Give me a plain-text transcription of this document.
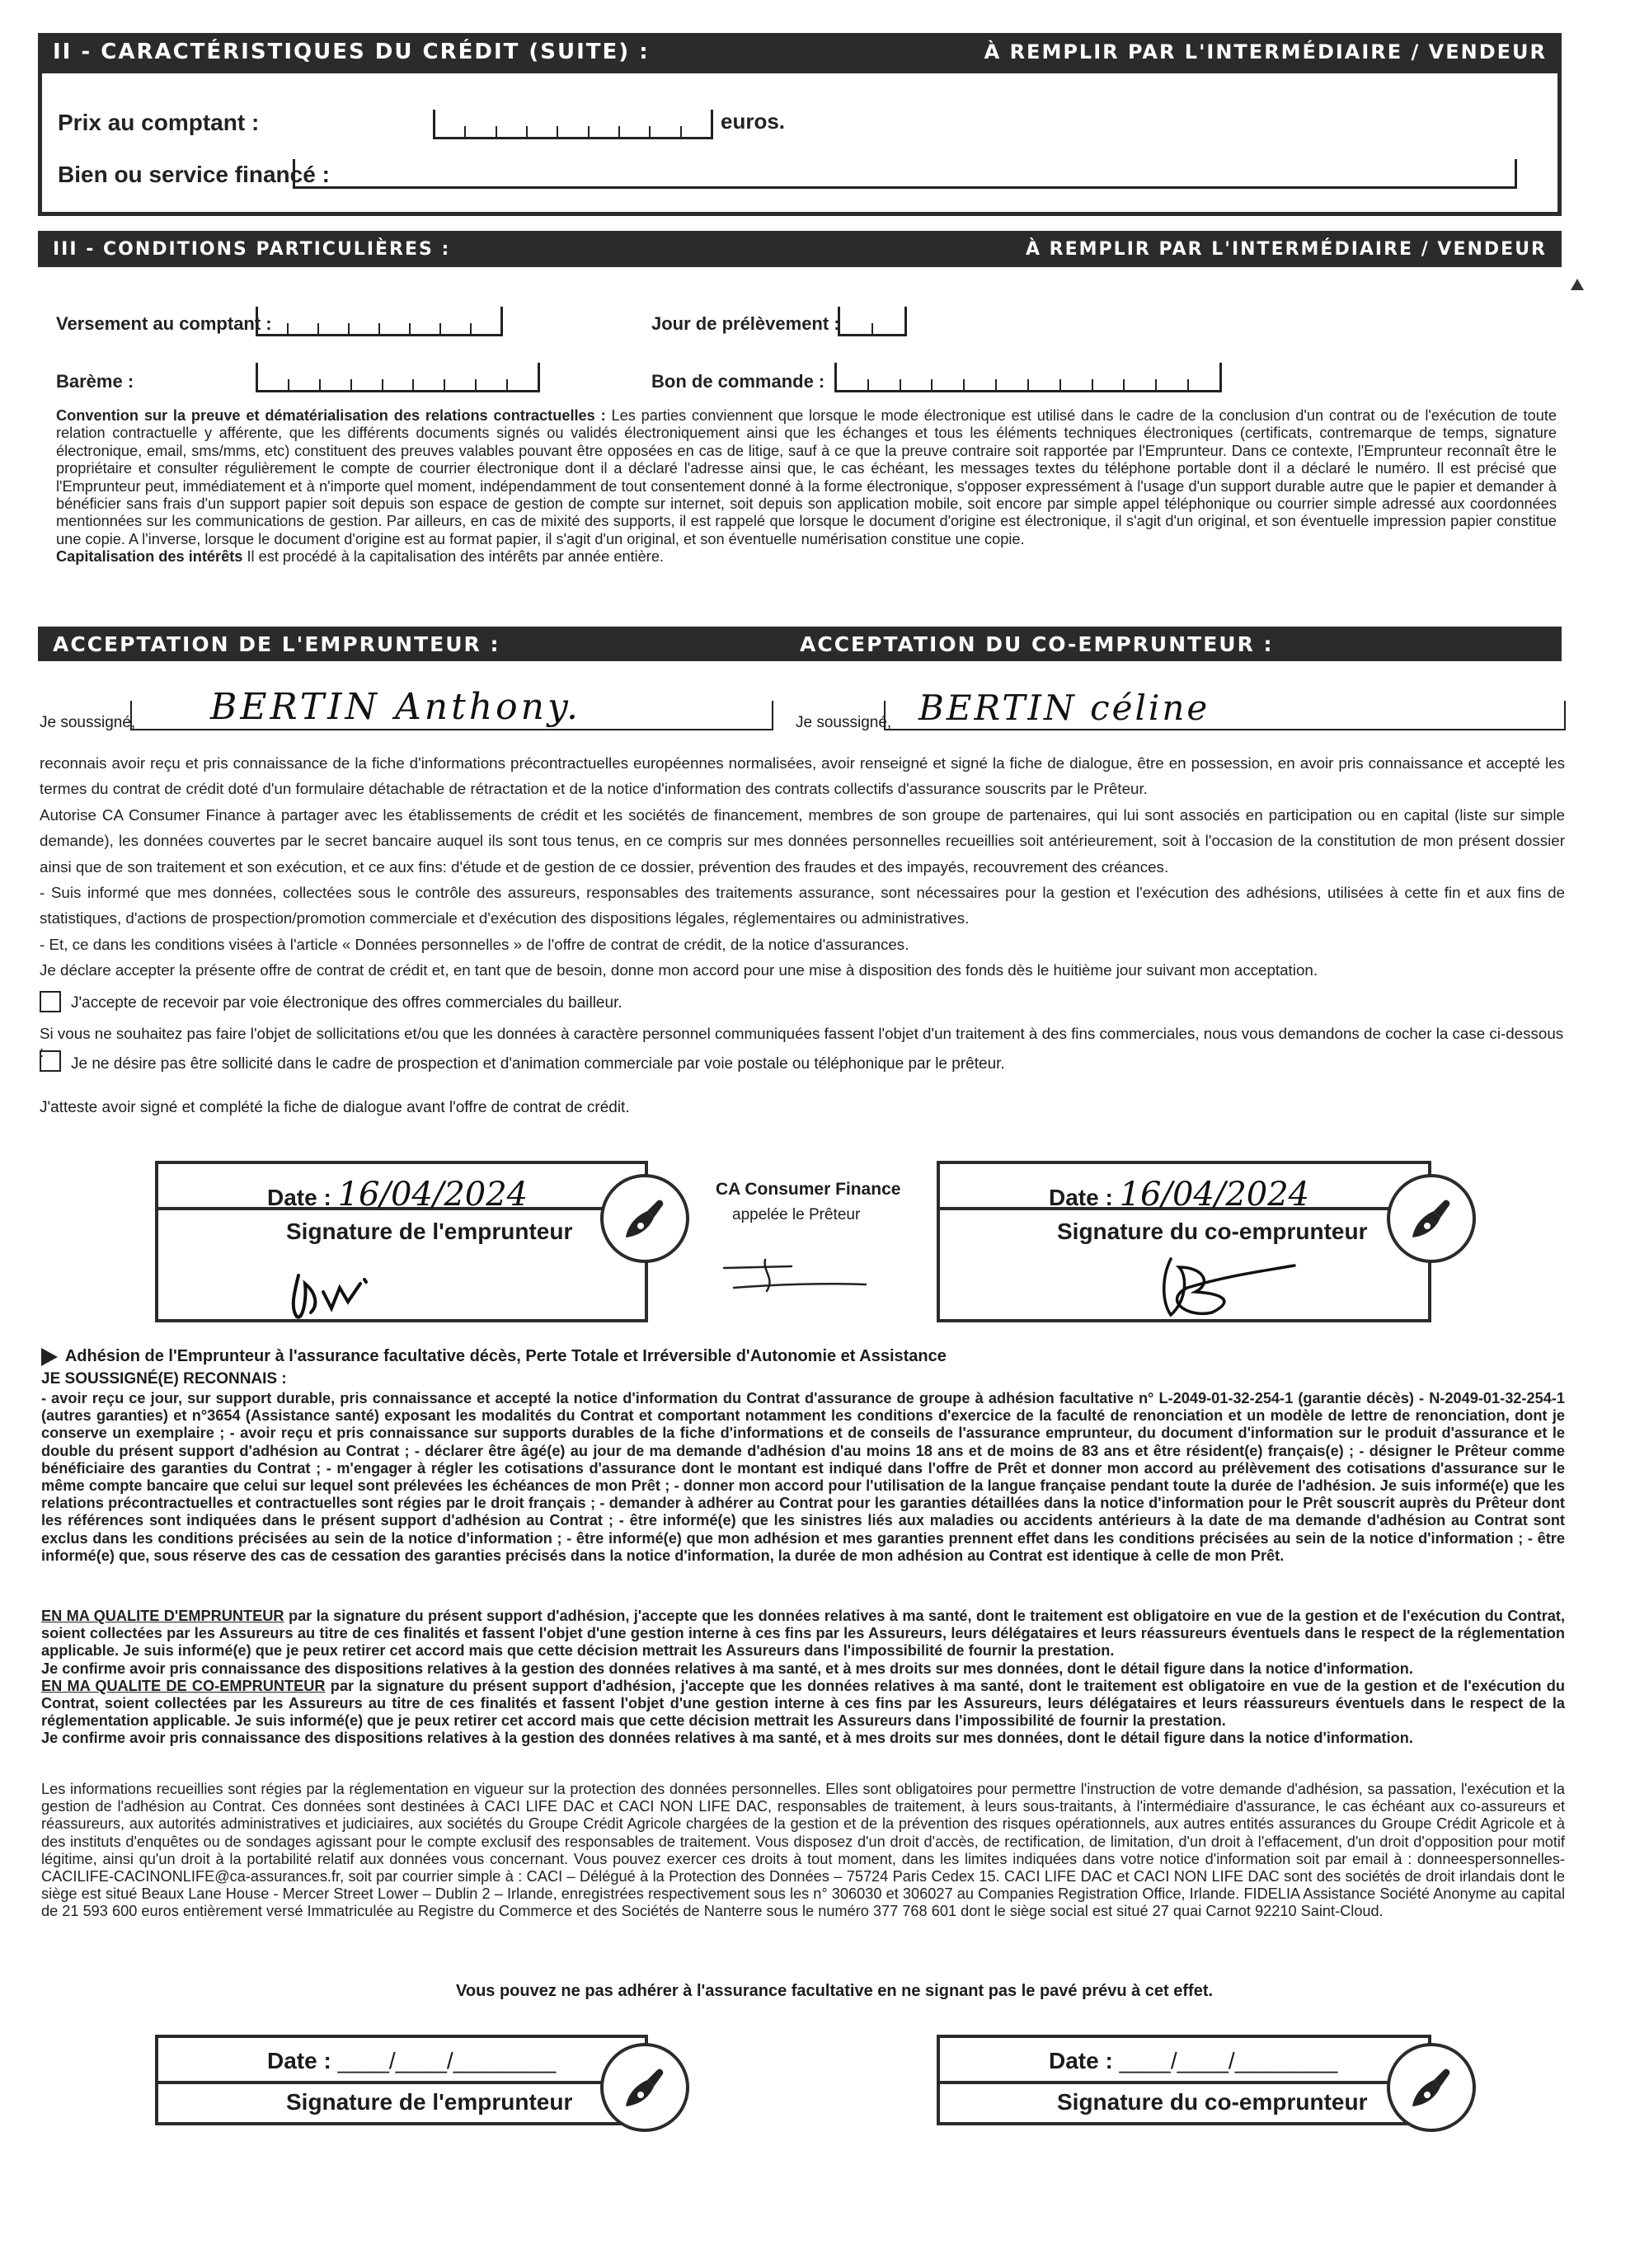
II - CARACTÉRISTIQUES DU CRÉDIT (SUITE) :	À REMPLIR PAR L'INTERMÉDIAIRE / VENDEUR
Prix au comptant :	euros.
Bien ou service financé :
III - CONDITIONS PARTICULIÈRES :	À REMPLIR PAR L'INTERMÉDIAIRE / VENDEUR
Versement au comptant :	Jour de prélèvement :
Barème :	Bon de commande :
Convention sur la preuve et dématérialisation des relations contractuelles : Les parties conviennent que lorsque le mode électronique est utilisé dans le cadre de la conclusion d'un contrat ou de l'exécution de toute relation contractuelle y afférente, que les différents documents signés ou validés électroniquement ainsi que les échanges et tous les éléments techniques électroniques (certificats, contremarque de temps, signature électronique, email, sms/mms, etc) constituent des preuves valables pouvant être opposées en cas de litige, sauf à ce que la preuve contraire soit rapportée par l'Emprunteur. Dans ce contexte, l'Emprunteur reconnaît être le propriétaire et consulter régulièrement le compte de courrier électronique dont il a déclaré l'adresse ainsi que, le cas échéant, les messages textes du téléphone portable dont il a déclaré le numéro. Il est précisé que l'Emprunteur peut, immédiatement et à n'importe quel moment, indépendamment de tout consentement donné à la forme électronique, s'opposer expressément à l'usage d'un support durable autre que le papier et demander à bénéficier sans frais d'un support papier soit depuis son espace de gestion de compte sur internet, soit depuis son application mobile, soit encore par simple appel téléphonique ou courrier simple adressé aux coordonnées mentionnées sur les communications de gestion. Par ailleurs, en cas de mixité des supports, il est rappelé que lorsque le document d'origine est électronique, il s'agit d'un original, et son éventuelle impression papier constitue une copie. A l'inverse, lorsque le document d'origine est au format papier, il s'agit d'un original, et son éventuelle numérisation constitue une copie.
Capitalisation des intérêts Il est procédé à la capitalisation des intérêts par année entière.
ACCEPTATION DE L'EMPRUNTEUR :	ACCEPTATION DU CO-EMPRUNTEUR :
Je soussigné, BERTIN Anthony.	Je soussigné, BERTIN céline
reconnais avoir reçu et pris connaissance de la fiche d'informations précontractuelles européennes normalisées, avoir renseigné et signé la fiche de dialogue, être en possession, en avoir pris connaissance et accepté les termes du contrat de crédit doté d'un formulaire détachable de rétractation et de la notice d'information des contrats collectifs d'assurance souscrits par le Prêteur.
Autorise CA Consumer Finance à partager avec les établissements de crédit et les sociétés de financement, membres de son groupe de partenaires, qui lui sont associés en participation ou en capital (liste sur simple demande), les données couvertes par le secret bancaire auquel ils sont tous tenus, en ce compris sur mes données personnelles recueillies soit antérieurement, soit à l'occasion de la constitution de mon présent dossier ainsi que de son traitement et son exécution, et ce aux fins: d'étude et de gestion de ce dossier, prévention des fraudes et des impayés, recouvrement des créances.
- Suis informé que mes données, collectées sous le contrôle des assureurs, responsables des traitements assurance, sont nécessaires pour la gestion et l'exécution des adhésions, utilisées à cette fin et aux fins de statistiques, d'actions de prospection/promotion commerciale et d'exécution des dispositions légales, réglementaires ou administratives.
- Et, ce dans les conditions visées à l'article « Données personnelles » de l'offre de contrat de crédit, de la notice d'assurances.
Je déclare accepter la présente offre de contrat de crédit et, en tant que de besoin, donne mon accord pour une mise à disposition des fonds dès le huitième jour suivant mon acceptation.
J'accepte de recevoir par voie électronique des offres commerciales du bailleur.
Si vous ne souhaitez pas faire l'objet de sollicitations et/ou que les données à caractère personnel communiquées fassent l'objet d'un traitement à des fins commerciales, nous vous demandons de cocher la case ci-dessous :
Je ne désire pas être sollicité dans le cadre de prospection et d'animation commerciale par voie postale ou téléphonique par le prêteur.
J'atteste avoir signé et complété la fiche de dialogue avant l'offre de contrat de crédit.
Date : 16/04/2024
Signature de l'emprunteur
CA Consumer Finance
appelée le Prêteur
Date : 16/04/2024
Signature du co-emprunteur
Adhésion de l'Emprunteur à l'assurance facultative décès, Perte Totale et Irréversible d'Autonomie et Assistance
JE SOUSSIGNÉ(E) RECONNAIS :
- avoir reçu ce jour, sur support durable, pris connaissance et accepté la notice d'information du Contrat d'assurance de groupe à adhésion facultative n° L-2049-01-32-254-1 (garantie décès) - N-2049-01-32-254-1 (autres garanties) et n°3654 (Assistance santé) exposant les modalités du Contrat et comportant notamment les conditions d'exercice de la faculté de renonciation et un modèle de lettre de renonciation, dont je conserve un exemplaire ; - avoir reçu et pris connaissance sur supports durables de la fiche d'informations et de conseils de l'assurance emprunteur, du document d'information sur le produit d'assurance et le double du présent support d'adhésion au Contrat ; - déclarer être âgé(e) au jour de ma demande d'adhésion d'au moins 18 ans et de moins de 83 ans et être résident(e) français(e) ; - désigner le Prêteur comme bénéficiaire des garanties du Contrat ; - m'engager à régler les cotisations d'assurance dont le montant est indiqué dans l'offre de Prêt et donner mon accord au prélèvement des cotisations d'assurance sur le même compte bancaire que celui sur lequel sont prélevées les échéances de mon Prêt ; - donner mon accord pour l'utilisation de la langue française pendant toute la durée de l'adhésion. Je suis informé(e) que les relations précontractuelles et contractuelles sont régies par le droit français ; - demander à adhérer au Contrat pour les garanties détaillées dans la notice d'information pour le Prêt souscrit auprès du Prêteur dont les références sont indiquées dans le présent support d'adhésion au Contrat ; - être informé(e) que les sinistres liés aux maladies ou accidents antérieurs à la date de ma demande d'adhésion au Contrat sont exclus dans les conditions précisées au sein de la notice d'information ; - être informé(e) que mon adhésion et mes garanties prennent effet dans les conditions précisées au sein de la notice d'information ; - être informé(e) que, sous réserve des cas de cessation des garanties précisés dans la notice d'information, la durée de mon adhésion au Contrat est identique à celle de mon Prêt.
EN MA QUALITE D'EMPRUNTEUR par la signature du présent support d'adhésion, j'accepte que les données relatives à ma santé, dont le traitement est obligatoire en vue de la gestion et de l'exécution du Contrat, soient collectées par les Assureurs au titre de ces finalités et fassent l'objet d'une gestion interne à ces fins par les Assureurs, leurs délégataires et leurs réassureurs éventuels dans le respect de la réglementation applicable. Je suis informé(e) que je peux retirer cet accord mais que cette décision mettrait les Assureurs dans l'impossibilité de fournir la prestation.
Je confirme avoir pris connaissance des dispositions relatives à la gestion des données relatives à ma santé, et à mes droits sur mes données, dont le détail figure dans la notice d'information.
EN MA QUALITE DE CO-EMPRUNTEUR par la signature du présent support d'adhésion, j'accepte que les données relatives à ma santé, dont le traitement est obligatoire en vue de la gestion et de l'exécution du Contrat, soient collectées par les Assureurs au titre de ces finalités et fassent l'objet d'une gestion interne à ces fins par les Assureurs, leurs délégataires et leurs réassureurs éventuels dans le respect de la réglementation applicable. Je suis informé(e) que je peux retirer cet accord mais que cette décision mettrait les Assureurs dans l'impossibilité de fournir la prestation.
Je confirme avoir pris connaissance des dispositions relatives à la gestion des données relatives à ma santé, et à mes droits sur mes données, dont le détail figure dans la notice d'information.
Les informations recueillies sont régies par la réglementation en vigueur sur la protection des données personnelles. Elles sont obligatoires pour permettre l'instruction de votre demande d'adhésion, sa passation, l'exécution et la gestion de l'adhésion au Contrat. Ces données sont destinées à CACI LIFE DAC et CACI NON LIFE DAC, responsables de traitement, à leurs sous-traitants, à l'intermédiaire d'assurance, le cas échéant aux co-assureurs et réassureurs, aux autorités administratives et judiciaires, aux sociétés du Groupe Crédit Agricole chargées de la gestion et de la prévention des risques opérationnels, aux autres entités assurances du Groupe Crédit Agricole et à des instituts d'enquêtes ou de sondages agissant pour le compte exclusif des responsables de traitement. Vous disposez d'un droit d'accès, de rectification, de limitation, d'un droit à l'effacement, d'un droit d'opposition pour motif légitime, ainsi qu'un droit à la portabilité relatif aux données vous concernant. Vous pouvez exercer ces droits à tout moment, dans les limites indiquées dans votre notice d'information soit par email à : donneespersonnelles-CACILIFE-CACINONLIFE@ca-assurances.fr, soit par courrier simple à : CACI – Délégué à la Protection des Données – 75724 Paris Cedex 15. CACI LIFE DAC et CACI NON LIFE DAC sont des sociétés de droit irlandais dont le siège est situé Beaux Lane House - Mercer Street Lower – Dublin 2 – Irlande, enregistrées respectivement sous les n° 306030 et 306027 au Companies Registration Office, Irlande. FIDELIA Assistance Société Anonyme au capital de 21 593 600 euros entièrement versé Immatriculée au Registre du Commerce et des Sociétés de Nanterre sous le numéro 377 768 601 dont le siège social est situé 27 quai Carnot 92210 Saint-Cloud.
Vous pouvez ne pas adhérer à l'assurance facultative en ne signant pas le pavé prévu à cet effet.
Date : ____/____/________
Signature de l'emprunteur
Date : ____/____/________
Signature du co-emprunteur
